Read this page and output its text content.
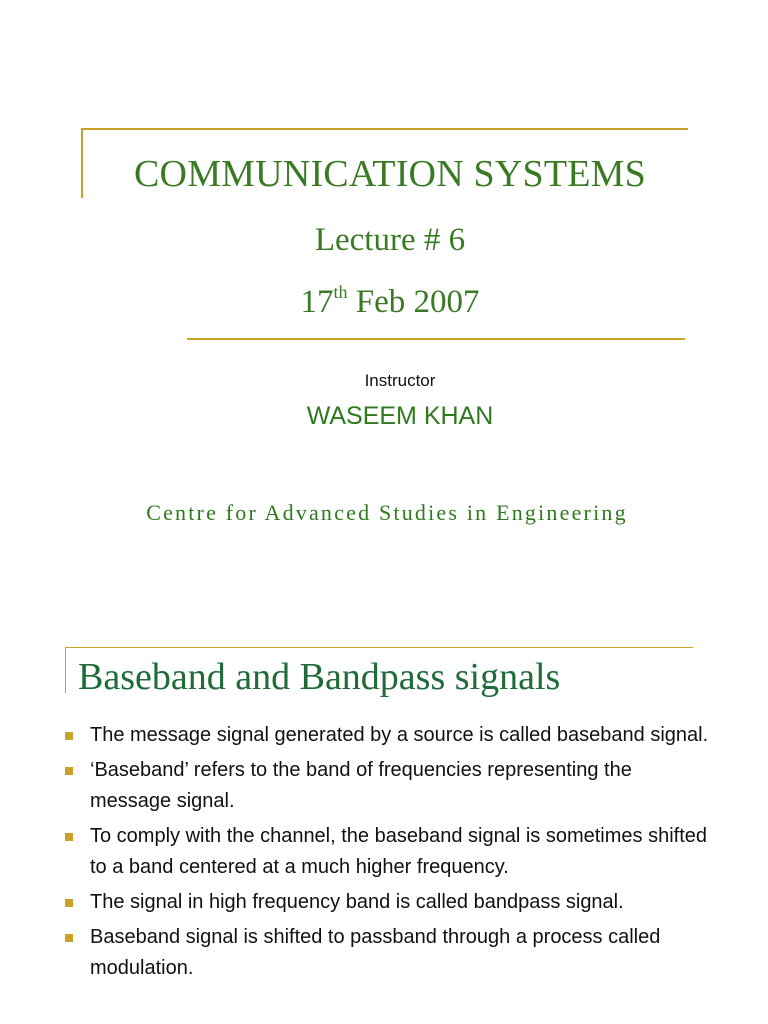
COMMUNICATION SYSTEMS
Lecture # 6
17th Feb 2007
Instructor
WASEEM KHAN
Centre for Advanced Studies in Engineering
Baseband and Bandpass signals
The message signal generated by a source is called baseband signal.
‘Baseband’ refers to the band of frequencies representing the message signal.
To comply with the channel, the baseband signal is sometimes shifted to a band centered at a much higher frequency.
The signal in high frequency band is called bandpass signal.
Baseband signal is shifted to passband through a process called modulation.
